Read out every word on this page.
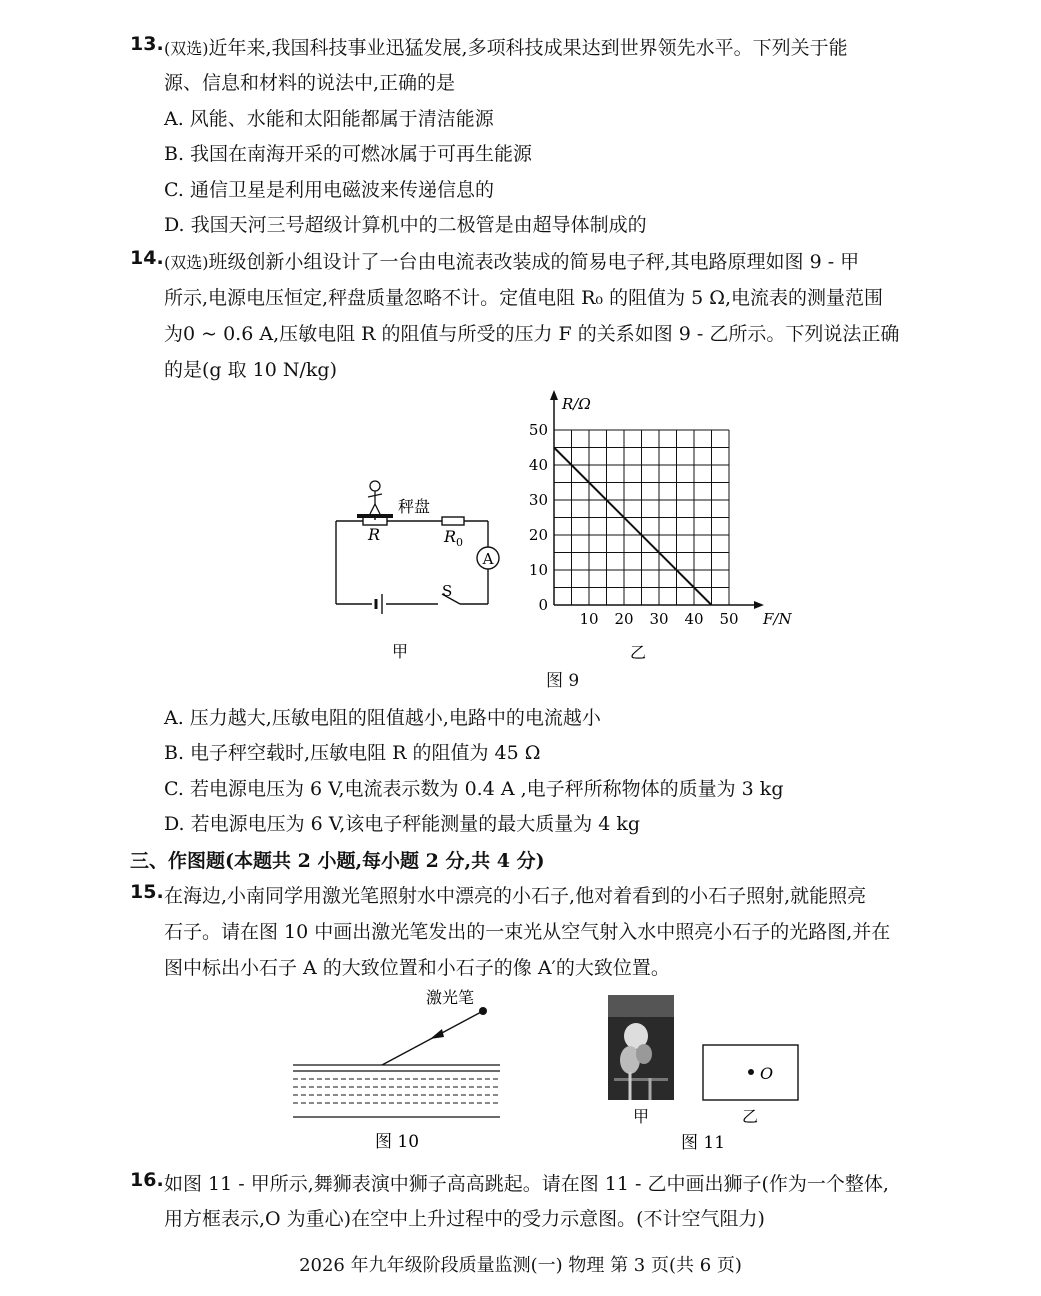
13. (双选)近年来,我国科技事业迅猛发展,多项科技成果达到世界领先水平。下列关于能
源、信息和材料的说法中,正确的是
A. 风能、水能和太阳能都属于清洁能源
B. 我国在南海开采的可燃冰属于可再生能源
C. 通信卫星是利用电磁波来传递信息的
D. 我国天河三号超级计算机中的二极管是由超导体制成的
14. (双选)班级创新小组设计了一台由电流表改装成的简易电子秤,其电路原理如图 9 - 甲
所示,电源电压恒定,秤盘质量忽略不计。定值电阻 R₀ 的阻值为 5 Ω,电流表的测量范围
为0 ~ 0.6 A,压敏电阻 R 的阻值与所受的压力 F 的关系如图 9 - 乙所示。下列说法正确
的是(g 取 10 N/kg)
A
秤盘
R	$R_0$
S
甲
0
10
20
30
40
50
10 20 30 40 50
R/Ω
F/N
乙
图 9
A. 压力越大,压敏电阻的阻值越小,电路中的电流越小
B. 电子秤空载时,压敏电阻 R 的阻值为 45 Ω
C. 若电源电压为 6 V,电流表示数为 0.4 A ,电子秤所称物体的质量为 3 kg
D. 若电源电压为 6 V,该电子秤能测量的最大质量为 4 kg
三、作图题(本题共 2 小题,每小题 2 分,共 4 分)
15. 在海边,小南同学用激光笔照射水中漂亮的小石子,他对着看到的小石子照射,就能照亮
石子。请在图 10 中画出激光笔发出的一束光从空气射入水中照亮小石子的光路图,并在
图中标出小石子 A 的大致位置和小石子的像 A′的大致位置。
激光笔
图 10
O
甲	乙
图 11
16. 如图 11 - 甲所示,舞狮表演中狮子高高跳起。请在图 11 - 乙中画出狮子(作为一个整体,
用方框表示,O 为重心)在空中上升过程中的受力示意图。(不计空气阻力)
2026 年九年级阶段质量监测(一) 物理 第 3 页(共 6 页)
